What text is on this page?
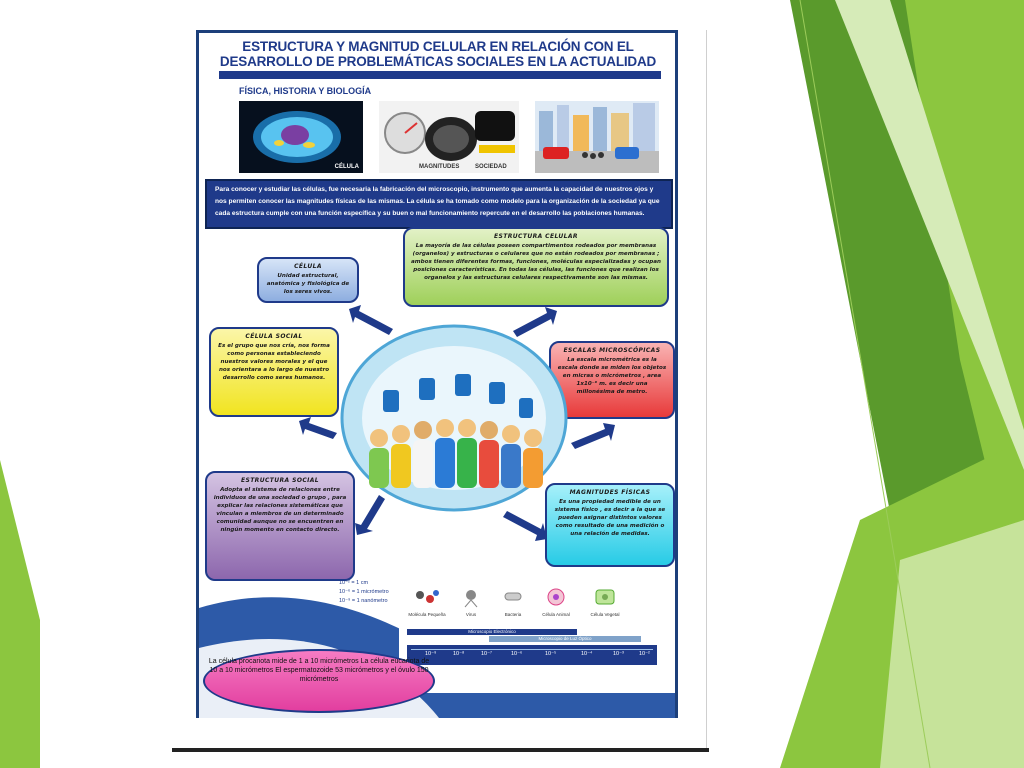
ESTRUCTURA Y MAGNITUD CELULAR EN RELACIÓN CON EL DESARROLLO DE PROBLEMÁTICAS SOCIALES EN LA ACTUALIDAD
FÍSICA, HISTORIA Y BIOLOGÍA
CÉLULA	MAGNITUDES	SOCIEDAD
Para conocer y estudiar las células, fue necesaria la fabricación del microscopio, instrumento que aumenta la capacidad de nuestros ojos y nos permiten conocer las magnitudes físicas de las mismas. La célula se ha tomado como modelo para la organización de la sociedad ya que cada estructura cumple con una función específica y su buen o mal funcionamiento repercute en el desarrollo las poblaciones humanas.
ESTRUCTURA CELULAR
La mayoría de las células poseen compartimentos rodeados por membranas (organelos) y estructuras o celulares que no están rodeados por membranas ; ambos tienen diferentes formas, funciones, moléculas especializadas y ocupan posiciones características. En todas las células, las funciones que realizan los organelos y las estructuras celulares respectivamente son las mismas.
CÉLULA
Unidad estructural, anatómica y fisiológica de los seres vivos.
CÉLULA SOCIAL
Es el grupo que nos cría, nos forma como personas estableciendo nuestros valores morales y el que nos orientara a lo largo de nuestro desarrollo como seres humanos.
ESCALAS MICROSCÓPICAS
La escala micrométrica es la escala donde se miden los objetos en micras o micrómetros , area 1x10⁻⁶ m. es decir una millonésima de metro.
ESTRUCTURA SOCIAL
Adopta el sistema de relaciones entre individuos de una sociedad o grupo , para explicar las relaciones sistemáticas que vinculan a miembros de un determinado comunidad aunque no se encuentren en ningún momento en contacto directo.
MAGNITUDES FÍSICAS
Es una propiedad medible de un sistema físico , es decir a la que se pueden asignar distintos valores como resultado de una medición o una relación de medidas.
10⁻² = 1 cm
10⁻⁶ = 1 micrómetro
10⁻⁹ = 1 nanómetro
Molécula Pequeña	Virus	Bacteria	Célula Animal	Célula Vegetal
Microscopio Electrónico
Microscopio de Luz Óptico
10⁻⁹	10⁻⁸	10⁻⁷	10⁻⁶	10⁻⁵	10⁻⁴	10⁻³	10⁻²
La célula procariota mide de 1 a 10 micrómetros La célula eucariota de 10 a 10 micrómetros El espermatozoide 53 micrómetros y el óvulo 150 micrómetros
